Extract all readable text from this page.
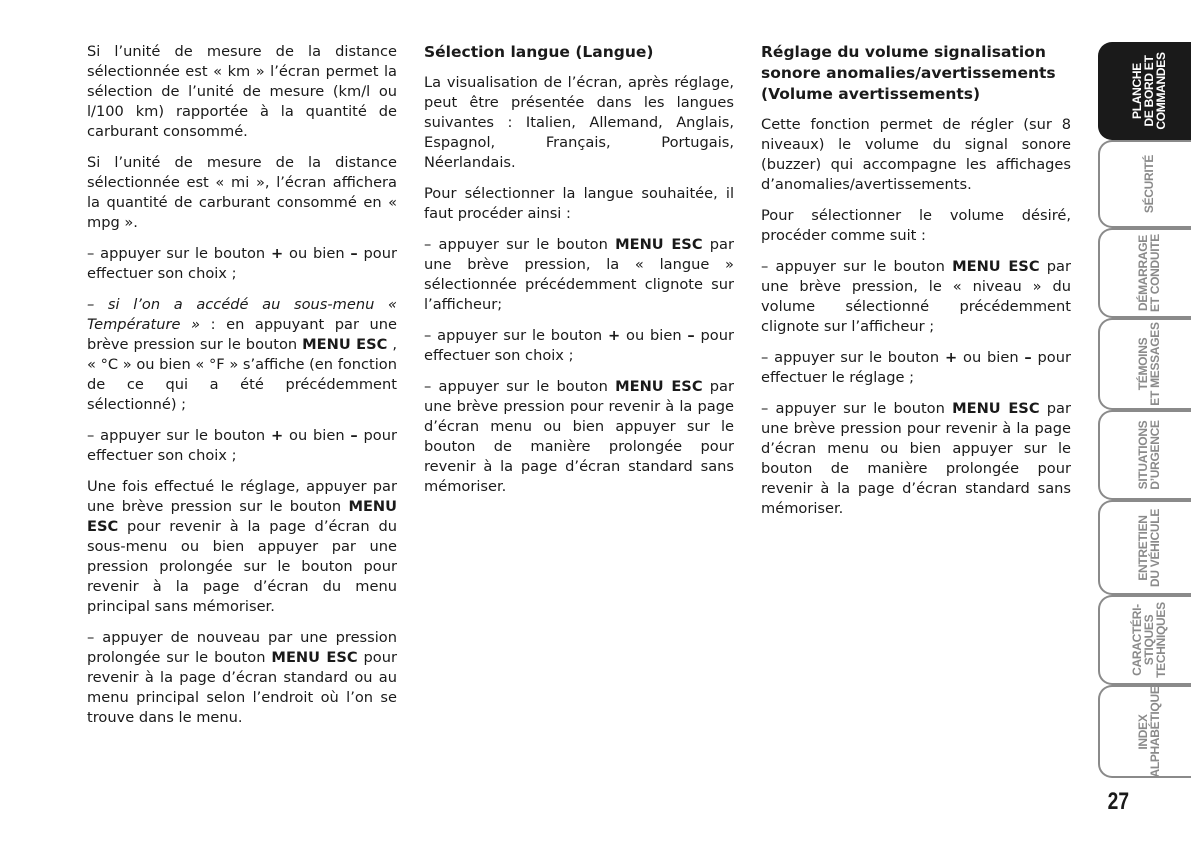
Si l’unité de mesure de la distance sélectionnée est « km » l’écran permet la sélection de l’unité de mesure (km/l ou l/100 km) rapportée à la quantité de carburant consommé.

Si l’unité de mesure de la distance sélectionnée est « mi », l’écran affichera la quantité de carburant consommé en « mpg ».

– appuyer sur le bouton + ou bien – pour effectuer son choix ;

– si l’on a accédé au sous-menu « Température » : en appuyant par une brève pression sur le bouton MENU ESC , « °C » ou bien « °F » s’affiche (en fonction de ce qui a été précédemment sélectionné) ;

– appuyer sur le bouton + ou bien – pour effectuer son choix ;

Une fois effectué le réglage, appuyer par une brève pression sur le bouton MENU ESC pour revenir à la page d’écran du sous-menu ou bien appuyer par une pression prolongée sur le bouton pour revenir à la page d’écran du menu principal sans mémoriser.

– appuyer de nouveau par une pression prolongée sur le bouton MENU ESC pour revenir à la page d’écran standard ou au menu principal selon l’endroit où l’on se trouve dans le menu.

Sélection langue (Langue)

La visualisation de l’écran, après réglage, peut être présentée dans les langues suivantes : Italien, Allemand, Anglais, Espagnol, Français, Portugais, Néerlandais.

Pour sélectionner la langue souhaitée, il faut procéder ainsi :

– appuyer sur le bouton MENU ESC par une brève pression, la « langue » sélectionnée précédemment clignote sur l’afficheur;

– appuyer sur le bouton + ou bien – pour effectuer son choix ;

– appuyer sur le bouton MENU ESC par une brève pression pour revenir à la page d’écran menu ou bien appuyer sur le bouton de manière prolongée pour revenir à la page d’écran standard sans mémoriser.

Réglage du volume signalisation sonore anomalies/avertissements (Volume avertissements)

Cette fonction permet de régler (sur 8 niveaux) le volume du signal sonore (buzzer) qui accompagne les affichages d’anomalies/avertissements.

Pour sélectionner le volume désiré, procéder comme suit :

– appuyer sur le bouton MENU ESC par une brève pression, le « niveau » du volume sélectionné précédemment clignote sur l’afficheur ;

– appuyer sur le bouton + ou bien – pour effectuer le réglage ;

– appuyer sur le bouton MENU ESC par une brève pression pour revenir à la page d’écran menu ou bien appuyer sur le bouton de manière prolongée pour revenir à la page d’écran standard sans mémoriser.

PLANCHE
DE BORD ET
COMMANDES
SÉCURITÉ
DÉMARRAGE
ET CONDUITE
TÉMOINS
ET MESSAGES
SITUATIONS
D’URGENCE
ENTRETIEN
DU VÉHICULE
CARACTÉRI-
STIQUES
TECHNIQUES
INDEX
ALPHABÉTIQUE
27
